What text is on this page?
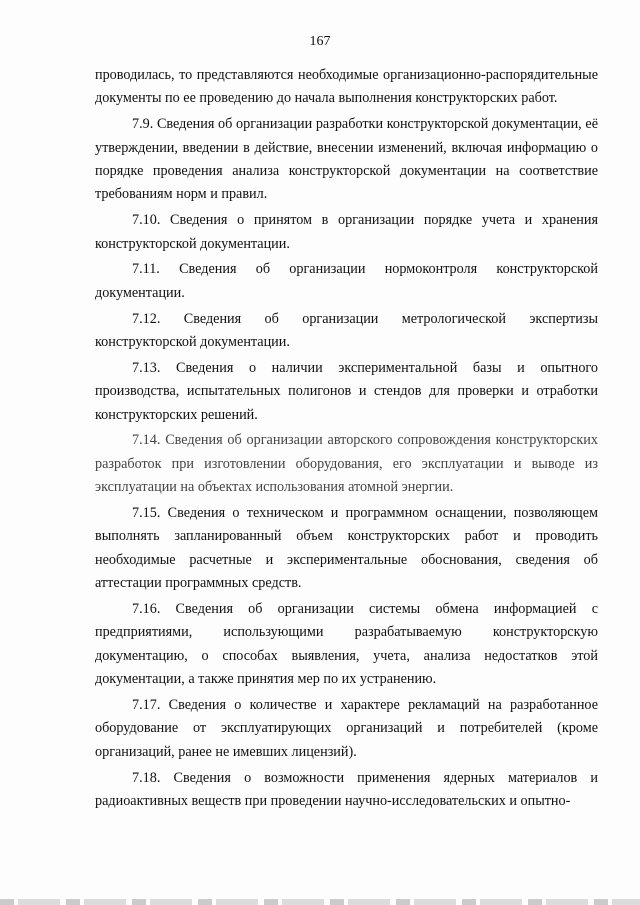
167

проводилась, то представляются необходимые организационно-распорядительные документы по ее проведению до начала выполнения конструкторских работ.

7.9. Сведения об организации разработки конструкторской документации, её утверждении, введении в действие, внесении изменений, включая информацию о порядке проведения анализа конструкторской документации на соответствие требованиям норм и правил.

7.10. Сведения о принятом в организации порядке учета и хранения конструкторской документации.

7.11. Сведения об организации нормоконтроля конструкторской документации.

7.12. Сведения об организации метрологической экспертизы конструкторской документации.

7.13. Сведения о наличии экспериментальной базы и опытного производства, испытательных полигонов и стендов для проверки и отработки конструкторских решений.

7.14. Сведения об организации авторского сопровождения конструкторских разработок при изготовлении оборудования, его эксплуатации и выводе из эксплуатации на объектах использования атомной энергии.

7.15. Сведения о техническом и программном оснащении, позволяющем выполнять запланированный объем конструкторских работ и проводить необходимые расчетные и экспериментальные обоснования, сведения об аттестации программных средств.

7.16. Сведения об организации системы обмена информацией с предприятиями, использующими разрабатываемую конструкторскую документацию, о способах выявления, учета, анализа недостатков этой документации, а также принятия мер по их устранению.

7.17. Сведения о количестве и характере рекламаций на разработанное оборудование от эксплуатирующих организаций и потребителей (кроме организаций, ранее не имевших лицензий).

7.18. Сведения о возможности применения ядерных материалов и радиоактивных веществ при проведении научно-исследовательских и опытно-
